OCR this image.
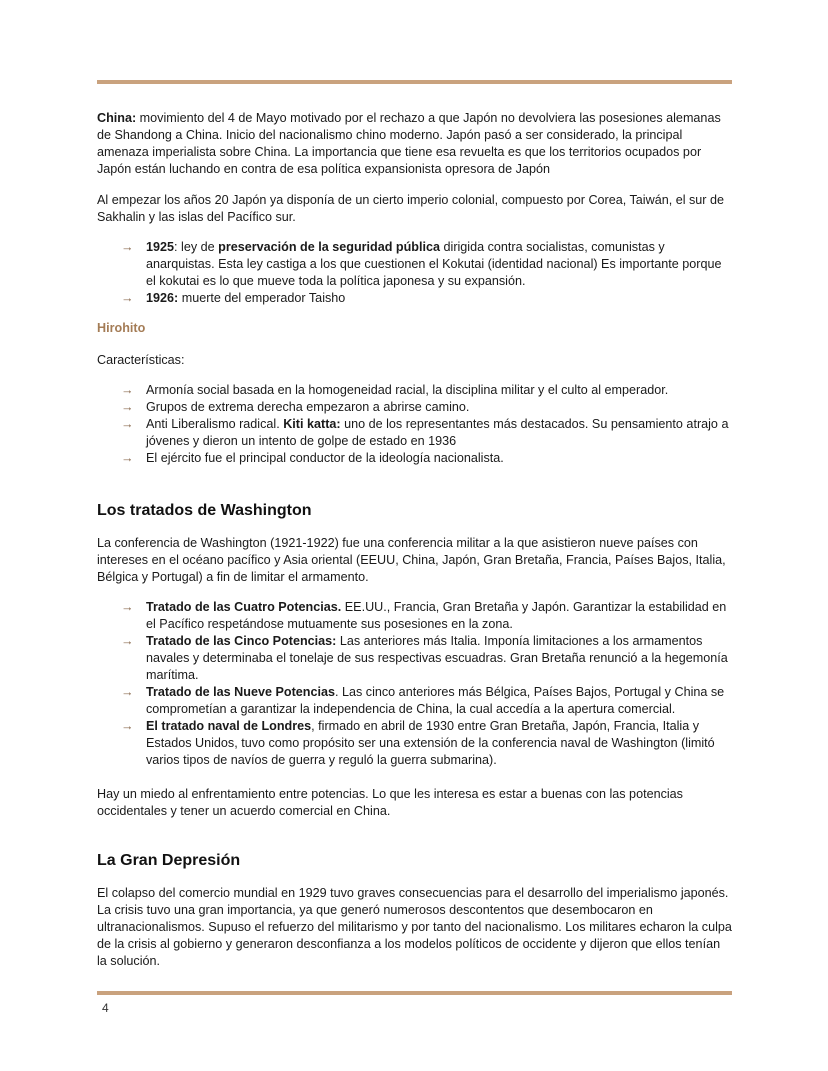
China: movimiento del 4 de Mayo motivado por el rechazo a que Japón no devolviera las posesiones alemanas de Shandong a China. Inicio del nacionalismo chino moderno. Japón pasó a ser considerado, la principal amenaza imperialista sobre China. La importancia que tiene esa revuelta es que los territorios ocupados por Japón están luchando en contra de esa política expansionista opresora de Japón

Al empezar los años 20 Japón ya disponía de un cierto imperio colonial, compuesto por Corea, Taiwán, el sur de Sakhalin y las islas del Pacífico sur.

→ 1925: ley de preservación de la seguridad pública dirigida contra socialistas, comunistas y anarquistas. Esta ley castiga a los que cuestionen el Kokutai (identidad nacional) Es importante porque el kokutai es lo que mueve toda la política japonesa y su expansión.
→ 1926: muerte del emperador Taisho

Hirohito

Características:

→ Armonía social basada en la homogeneidad racial, la disciplina militar y el culto al emperador.
→ Grupos de extrema derecha empezaron a abrirse camino.
→ Anti Liberalismo radical. Kiti katta: uno de los representantes más destacados. Su pensamiento atrajo a jóvenes y dieron un intento de golpe de estado en 1936
→ El ejército fue el principal conductor de la ideología nacionalista.
Los tratados de Washington

La conferencia de Washington (1921-1922) fue una conferencia militar a la que asistieron nueve países con intereses en el océano pacífico y Asia oriental (EEUU, China, Japón, Gran Bretaña, Francia, Países Bajos, Italia, Bélgica y Portugal) a fin de limitar el armamento.

→ Tratado de las Cuatro Potencias. EE.UU., Francia, Gran Bretaña y Japón. Garantizar la estabilidad en el Pacífico respetándose mutuamente sus posesiones en la zona.
→ Tratado de las Cinco Potencias: Las anteriores más Italia. Imponía limitaciones a los armamentos navales y determinaba el tonelaje de sus respectivas escuadras. Gran Bretaña renunció a la hegemonía marítima.
→ Tratado de las Nueve Potencias. Las cinco anteriores más Bélgica, Países Bajos, Portugal y China se comprometían a garantizar la independencia de China, la cual accedía a la apertura comercial.
→ El tratado naval de Londres, firmado en abril de 1930 entre Gran Bretaña, Japón, Francia, Italia y Estados Unidos, tuvo como propósito ser una extensión de la conferencia naval de Washington (limitó varios tipos de navíos de guerra y reguló la guerra submarina).

Hay un miedo al enfrentamiento entre potencias. Lo que les interesa es estar a buenas con las potencias occidentales y tener un acuerdo comercial en China.

La Gran Depresión

El colapso del comercio mundial en 1929 tuvo graves consecuencias para el desarrollo del imperialismo japonés. La crisis tuvo una gran importancia, ya que generó numerosos descontentos que desembocaron en ultranacionalismos. Supuso el refuerzo del militarismo y por tanto del nacionalismo. Los militares echaron la culpa de la crisis al gobierno y generaron desconfianza a los modelos políticos de occidente y dijeron que ellos tenían la solución.

4
